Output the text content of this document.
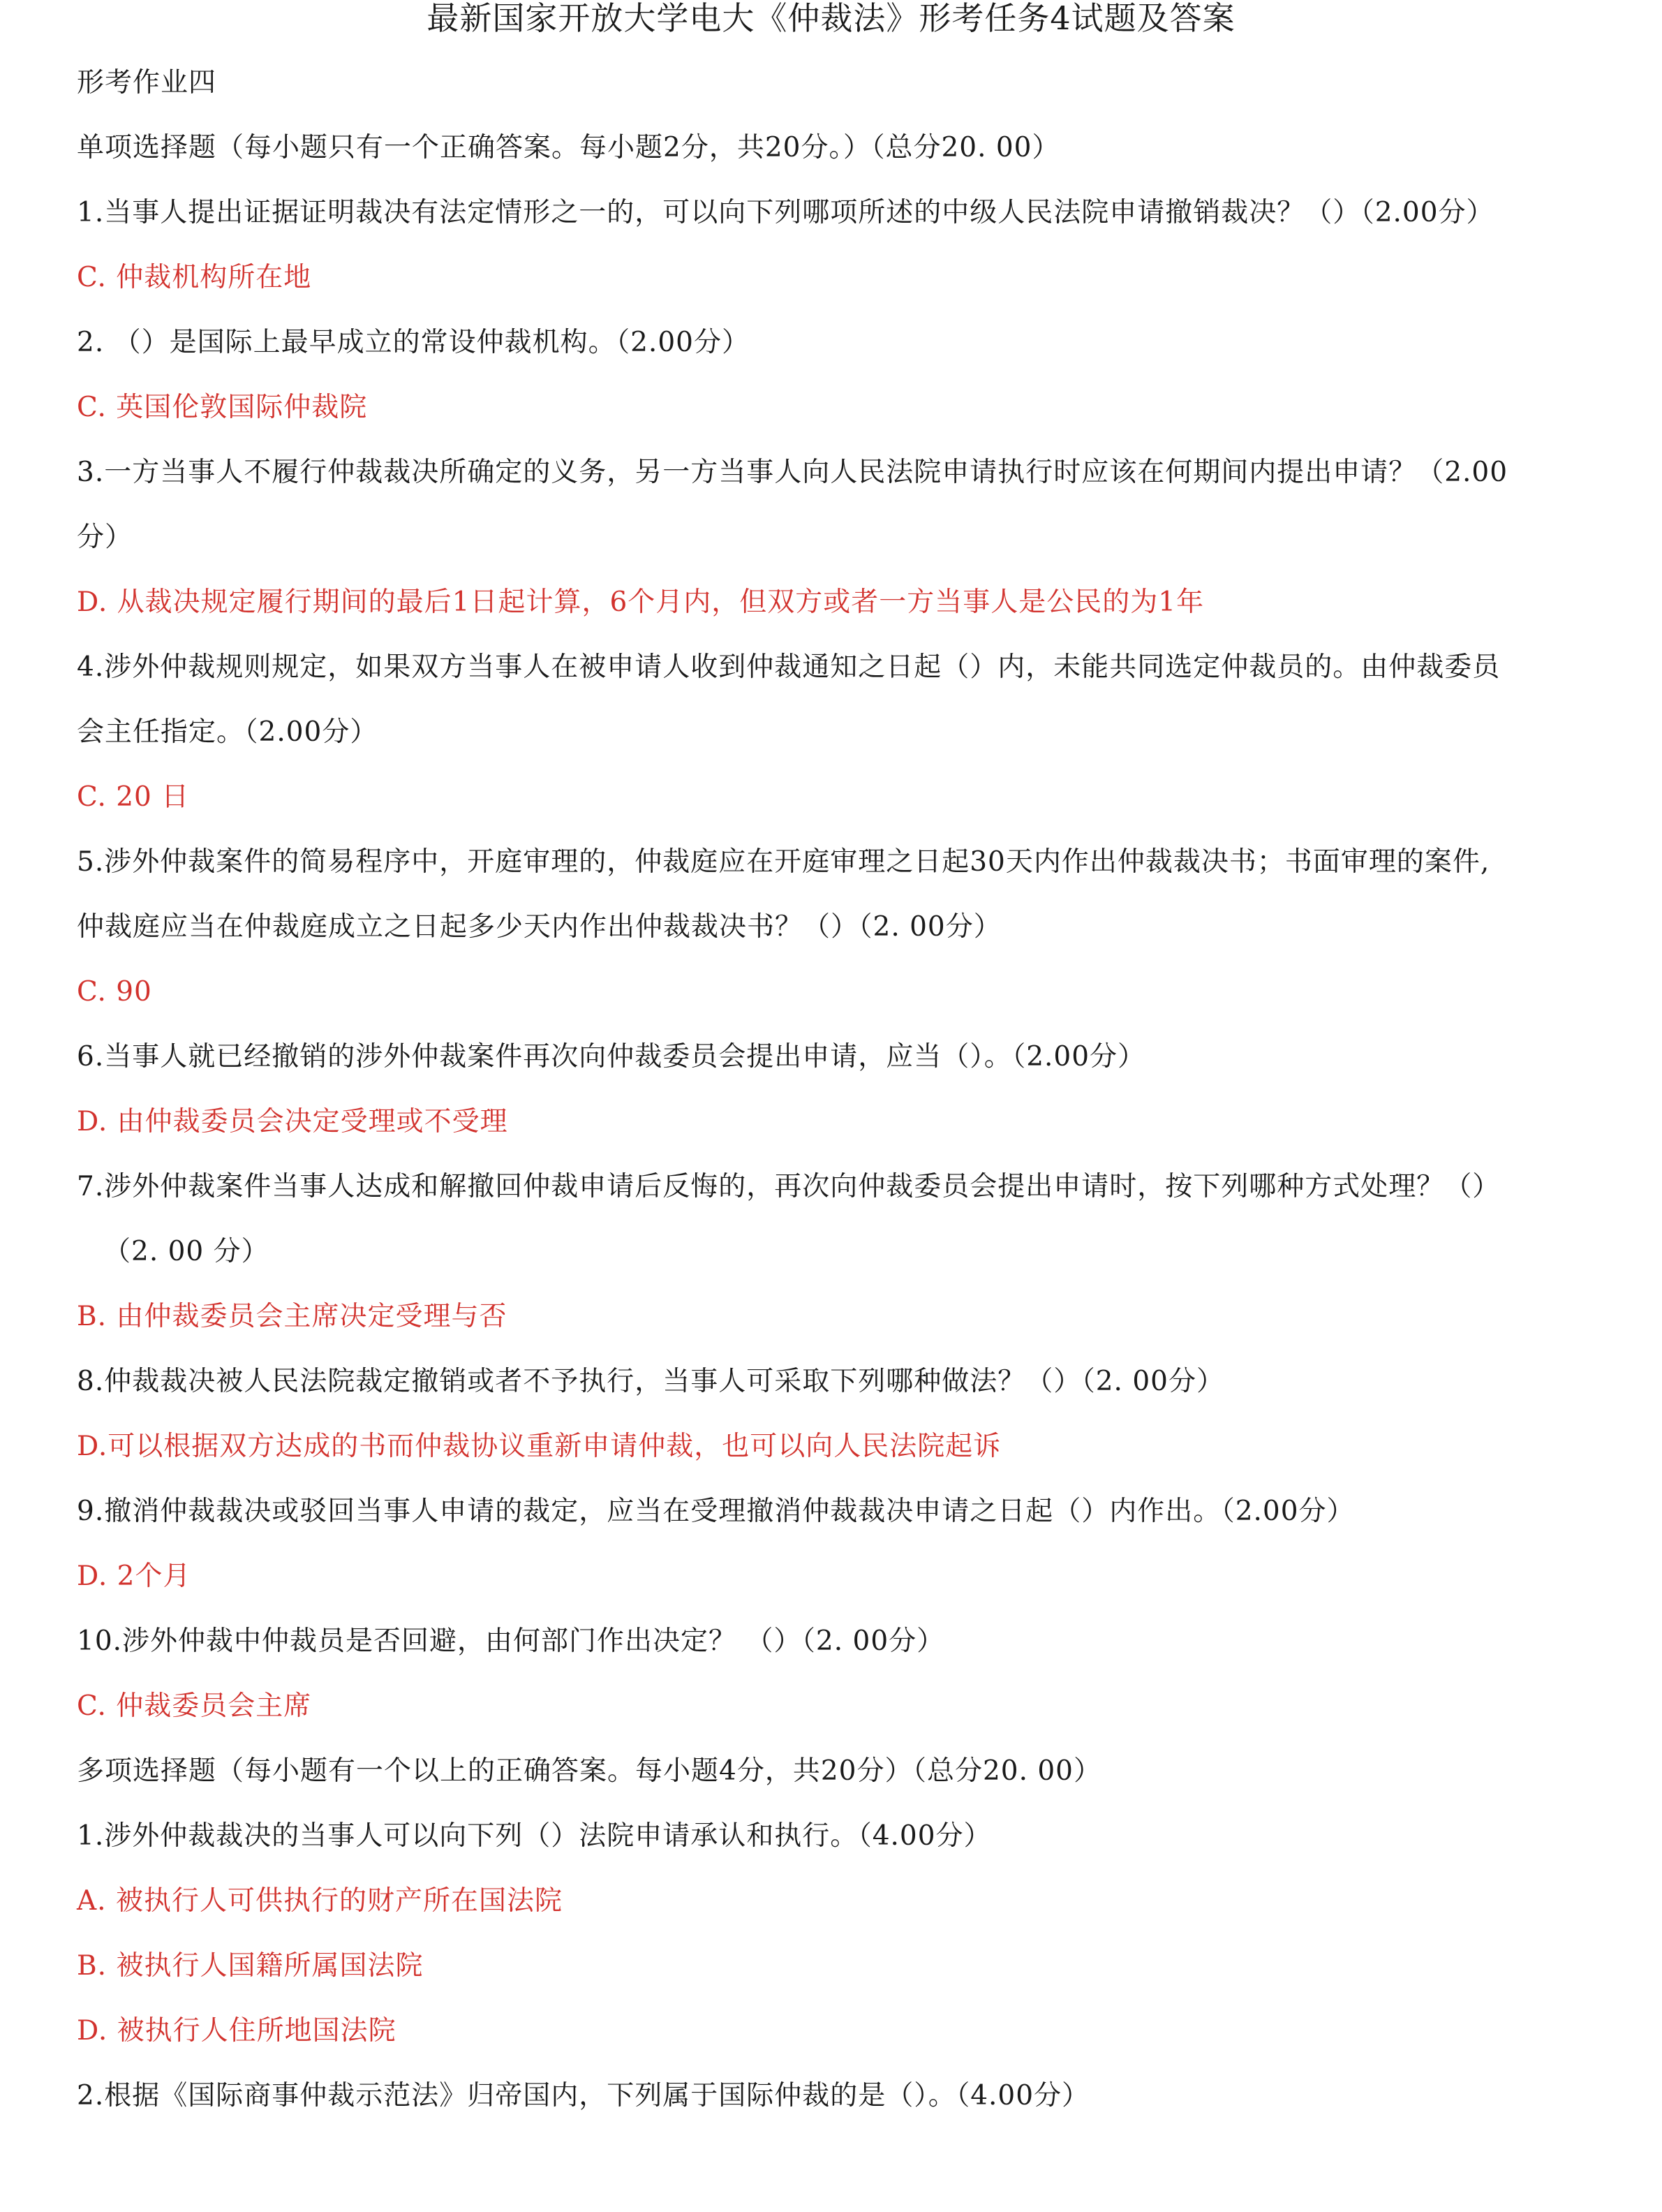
最新国家开放大学电大《仲裁法》形考任务4试题及答案
形考作业四
单项选择题（每小题只有一个正确答案。每小题2分，共20分。）（总分20. 00）
1.当事人提出证据证明裁决有法定情形之一的，可以向下列哪项所述的中级人民法院申请撤销裁决？（）（2.00分）
C. 仲裁机构所在地
2. （）是国际上最早成立的常设仲裁机构。（2.00分）
C. 英国伦敦国际仲裁院
3.一方当事人不履行仲裁裁决所确定的义务，另一方当事人向人民法院申请执行时应该在何期间内提出申请？（2.00
分）
D. 从裁决规定履行期间的最后1日起计算，6个月内，但双方或者一方当事人是公民的为1年
4.涉外仲裁规则规定，如果双方当事人在被申请人收到仲裁通知之日起（）内，未能共同选定仲裁员的。由仲裁委员
会主任指定。（2.00分）
C. 20 日
5.涉外仲裁案件的简易程序中，开庭审理的，仲裁庭应在开庭审理之日起30天内作出仲裁裁决书；书面审理的案件,
仲裁庭应当在仲裁庭成立之日起多少天内作出仲裁裁决书？（）（2. 00分）
C. 90
6.当事人就已经撤销的涉外仲裁案件再次向仲裁委员会提出申请，应当（）。（2.00分）
D. 由仲裁委员会决定受理或不受理
7.涉外仲裁案件当事人达成和解撤回仲裁申请后反悔的，再次向仲裁委员会提出申请时，按下列哪种方式处理？（）
（2. 00 分）
B. 由仲裁委员会主席决定受理与否
8.仲裁裁决被人民法院裁定撤销或者不予执行，当事人可采取下列哪种做法？（）（2. 00分）
D.可以根据双方达成的书而仲裁协议重新申请仲裁，也可以向人民法院起诉
9.撤消仲裁裁决或驳回当事人申请的裁定，应当在受理撤消仲裁裁决申请之日起（）内作出。（2.00分）
D. 2个月
10.涉外仲裁中仲裁员是否回避，由何部门作出决定？ （）（2. 00分）
C. 仲裁委员会主席
多项选择题（每小题有一个以上的正确答案。每小题4分，共20分）（总分20. 00）
1.涉外仲裁裁决的当事人可以向下列（）法院申请承认和执行。（4.00分）
A. 被执行人可供执行的财产所在国法院
B. 被执行人国籍所属国法院
D. 被执行人住所地国法院
2.根据《国际商事仲裁示范法》归帝国内，下列属于国际仲裁的是（）。（4.00分）
